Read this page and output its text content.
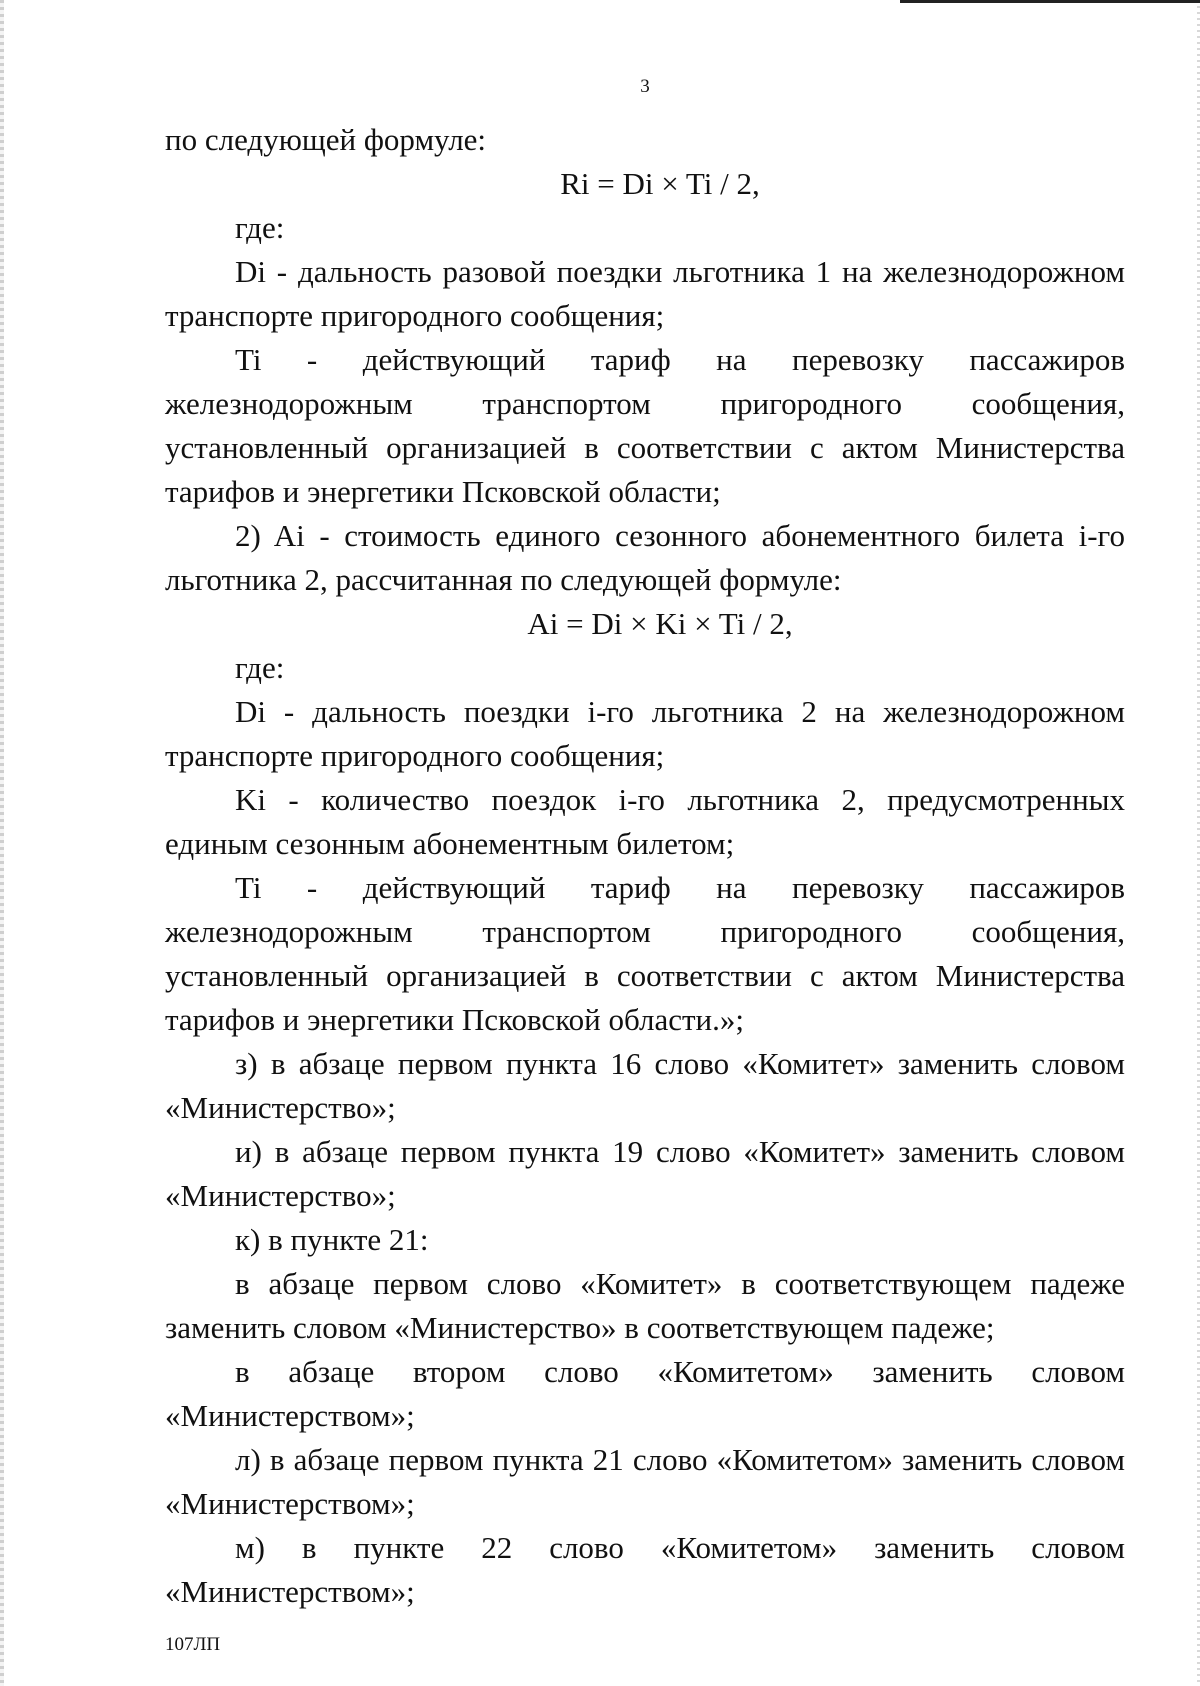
3

по следующей формуле:

Ri = Di × Ti / 2,

где:

Di - дальность разовой поездки льготника 1 на железнодорожном транспорте пригородного сообщения;

Ti - действующий тариф на перевозку пассажиров железнодорожным транспортом пригородного сообщения,

установленный организацией в соответствии с актом Министерства тарифов и энергетики Псковской области;

2) Ai - стоимость единого сезонного абонементного билета i-го льготника 2, рассчитанная по следующей формуле:

Ai = Di × Ki × Ti / 2,

где:

Di - дальность поездки i-го льготника 2 на железнодорожном транспорте пригородного сообщения;

Ki - количество поездок i-го льготника 2, предусмотренных единым сезонным абонементным билетом;

Ti - действующий тариф на перевозку пассажиров железнодорожным транспортом пригородного сообщения,

установленный организацией в соответствии с актом Министерства тарифов и энергетики Псковской области.»;

з) в абзаце первом пункта 16 слово «Комитет» заменить словом «Министерство»;

и) в абзаце первом пункта 19 слово «Комитет» заменить словом «Министерство»;

к) в пункте 21:

в абзаце первом слово «Комитет» в соответствующем падеже заменить словом «Министерство» в соответствующем падеже;

в абзаце втором слово «Комитетом» заменить словом «Министерством»;

л) в абзаце первом пункта 21 слово «Комитетом» заменить словом «Министерством»;

м) в пункте 22 слово «Комитетом» заменить словом «Министерством»;

107ЛП
